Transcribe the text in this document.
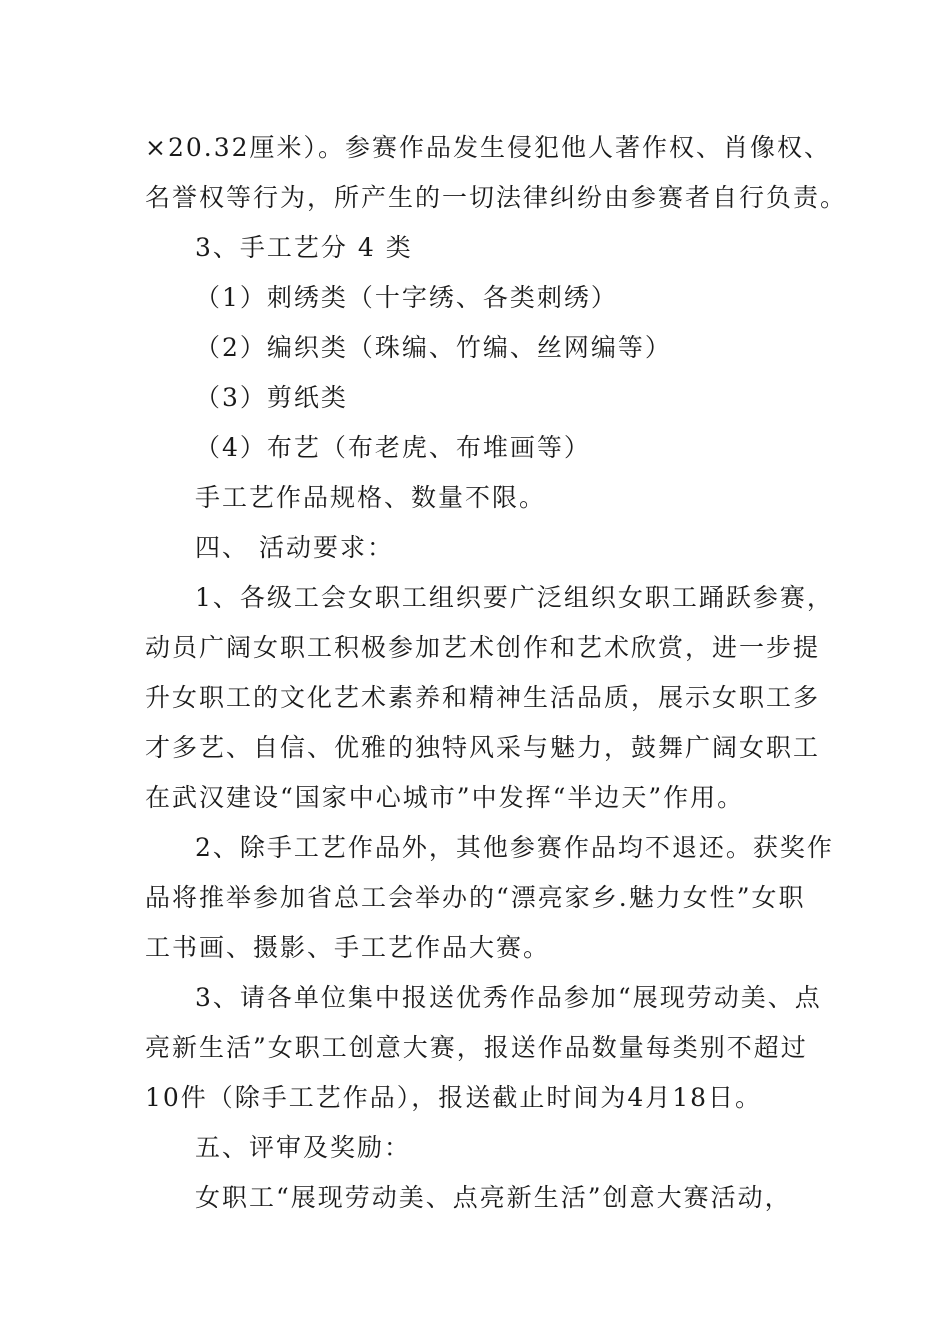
×20.32厘米）。参赛作品发生侵犯他人著作权、肖像权、
名誉权等行为，所产生的一切法律纠纷由参赛者自行负责。
3、手工艺分 4 类
（1）刺绣类（十字绣、各类刺绣）
（2）编织类（珠编、竹编、丝网编等）
（3）剪纸类
（4）布艺（布老虎、布堆画等）
手工艺作品规格、数量不限。
四、 活动要求：
1、各级工会女职工组织要广泛组织女职工踊跃参赛，
动员广阔女职工积极参加艺术创作和艺术欣赏，进一步提
升女职工的文化艺术素养和精神生活品质，展示女职工多
才多艺、自信、优雅的独特风采与魅力，鼓舞广阔女职工
在武汉建设“国家中心城市”中发挥“半边天”作用。
2、除手工艺作品外，其他参赛作品均不退还。获奖作
品将推举参加省总工会举办的“漂亮家乡.魅力女性”女职
工书画、摄影、手工艺作品大赛。
3、请各单位集中报送优秀作品参加“展现劳动美、点
亮新生活”女职工创意大赛，报送作品数量每类别不超过
10件（除手工艺作品），报送截止时间为4月18日。
五、评审及奖励：
女职工“展现劳动美、点亮新生活”创意大赛活动，
